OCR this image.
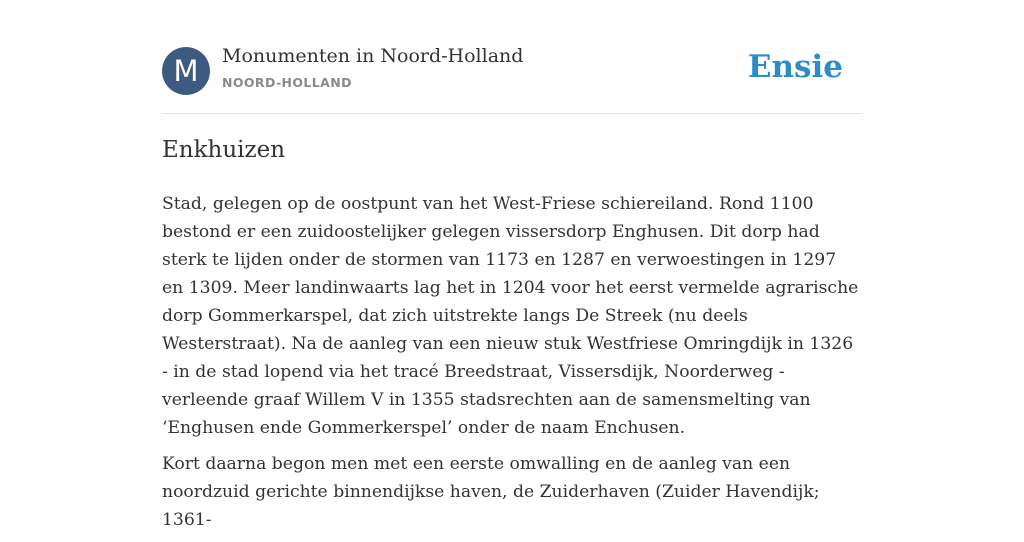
M	Monumenten in Noord-Holland
NOORD-HOLLAND	Ensie
Enkhuizen

Stad, gelegen op de oostpunt van het West-Friese schiereiland. Rond 1100 bestond er een zuidoostelijker gelegen vissersdorp Enghusen. Dit dorp had sterk te lijden onder de stormen van 1173 en 1287 en verwoestingen in 1297 en 1309. Meer landinwaarts lag het in 1204 voor het eerst vermelde agrarische dorp Gommerkarspel, dat zich uitstrekte langs De Streek (nu deels Westerstraat). Na de aanleg van een nieuw stuk Westfriese Omringdijk in 1326 - in de stad lopend via het tracé Breedstraat, Vissersdijk, Noorderweg - verleende graaf Willem V in 1355 stadsrechten aan de samensmelting van ‘Enghusen ende Gommerkerspel’ onder de naam Enchusen.

Kort daarna begon men met een eerste omwalling en de aanleg van een noordzuid gerichte binnendijkse haven, de Zuiderhaven (Zuider Havendijk; 1361-
